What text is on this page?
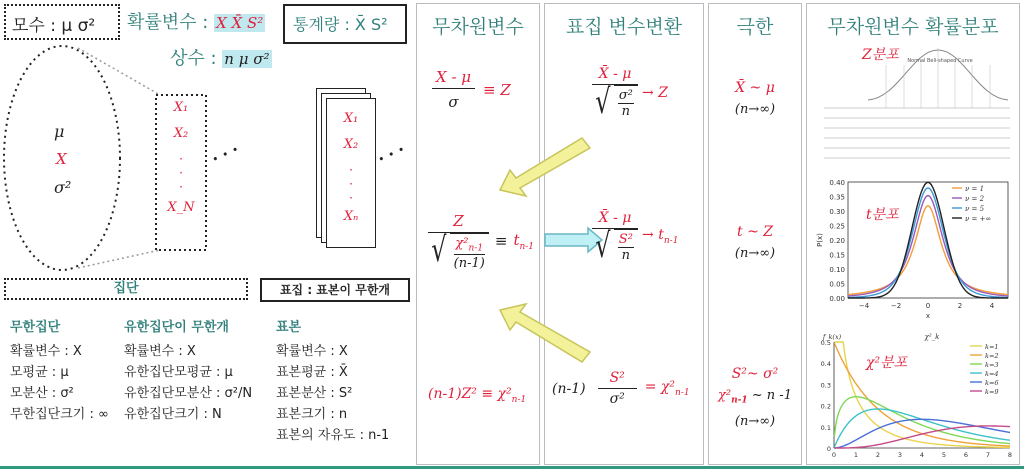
모수 : μ σ²	확률변수 : X X̄ S²
상수 : n μ σ²
통계량 : X̄ S²
μ
X
σ²
X₁
X₂
·
·
·
X_N
• • •
X₁
X₂
·
·
·
Xₙ
• • •
집단	표집 : 표본이 무한개
무한집단
확률변수 : X
모평균 : μ
모분산 : σ²
무한집단크기 : ∞
유한집단이 무한개
확률변수 : X
유한집단모평균 : μ
유한집단모분산 : σ²/N
유한집단크기 : N
표본
확률변수 : X
표본평균 : X̄
표본분산 : S²
표본크기 : n
표본의 자유도 : n-1
무차원변수	표집 변수변환	극한	무차원변수 확률분포
$\frac{X - \mu}{\sigma} \equiv Z$
Z
√ $\chi^2_{n-1}$
$(n-1) \equiv t_{n-1}$
$(n-1)Z^2 \equiv \chi^2_{n-1}$
X̄ - μ
√ σ²
n → Z
X̄ - μ
√ S²
$n \to t_{n-1}$
$(n-1) \frac{\text{S²}}{\text{σ²}} = \chi^2_{n-1}$
X̄ ~ μ
(n→∞)
t ~ Z
(n→∞)
S²~ σ²
$\chi^2_{n-1}$ ~ n -1
(n→∞)
Normal Bell-shaped Curve
Z분포
0.00
0.05
0.10
0.15
0.20
0.25
0.30
0.35
0.40
−4	−2	0	2	4
x
P(x)
ν = 1
ν = 2
ν = 5
ν = +∞
t분포
0
0.1
0.2
0.3
0.4
0.5
0	1	2	3	4	5	6	7	8
f_k(x)	χ²_k
k=1
k=2
k=3
k=4
k=6
k=9
χ²분포
